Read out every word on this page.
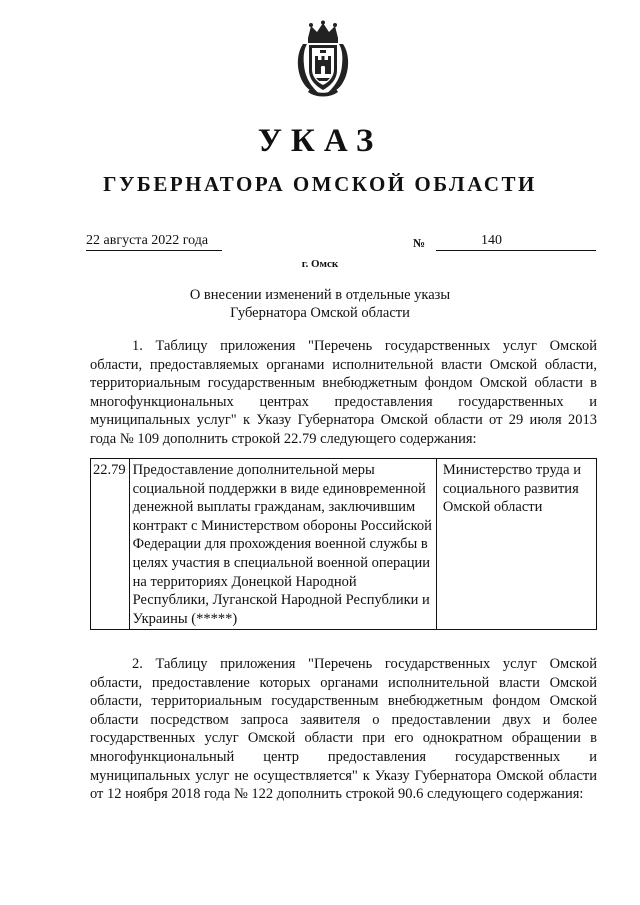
УКАЗ
ГУБЕРНАТОРА ОМСКОЙ ОБЛАСТИ
22 августа 2022 года	№	140
г. Омск
О внесении изменений в отдельные указы
Губернатора Омской области

1. Таблицу приложения "Перечень государственных услуг Омской области, предоставляемых органами исполнительной власти Омской области, территориальным государственным внебюджетным фондом Омской области в многофункциональных центрах предоставления государственных и муниципальных услуг" к Указу Губернатора Омской области от 29 июля 2013 года № 109 дополнить строкой 22.79 следующего содержания:

22.79	Предоставление дополнительной меры социальной поддержки в виде единовременной денежной выплаты гражданам, заключившим контракт с Министерством обороны Российской Федерации для прохождения военной службы в целях участия в специальной военной операции на территориях Донецкой Народной Республики, Луганской Народной Республики и Украины (*****)	Министерство труда и социального развития Омской области

2. Таблицу приложения "Перечень государственных услуг Омской области, предоставление которых органами исполнительной власти Омской области, территориальным государственным внебюджетным фондом Омской области посредством запроса заявителя о предоставлении двух и более государственных услуг Омской области при его однократном обращении в многофункциональный центр предоставления государственных и муниципальных услуг не осуществляется" к Указу Губернатора Омской области от 12 ноября 2018 года № 122 дополнить строкой 90.6 следующего содержания:
